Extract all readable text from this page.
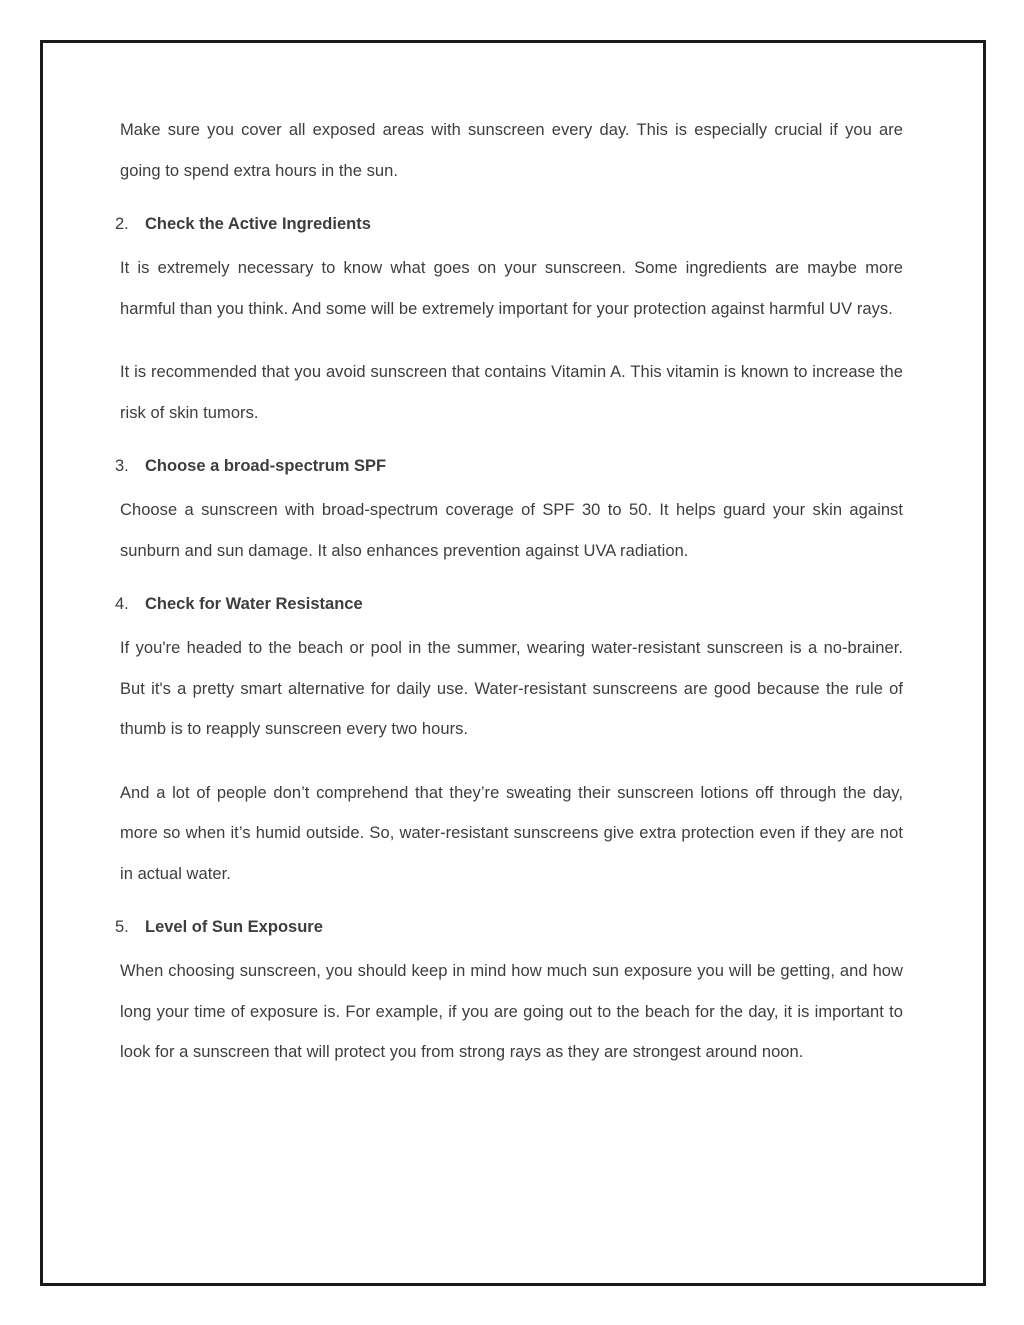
Make sure you cover all exposed areas with sunscreen every day. This is especially crucial if you are going to spend extra hours in the sun.

2. Check the Active Ingredients

It is extremely necessary to know what goes on your sunscreen. Some ingredients are maybe more harmful than you think. And some will be extremely important for your protection against harmful UV rays.

It is recommended that you avoid sunscreen that contains Vitamin A. This vitamin is known to increase the risk of skin tumors.

3. Choose a broad-spectrum SPF

Choose a sunscreen with broad-spectrum coverage of SPF 30 to 50. It helps guard your skin against sunburn and sun damage. It also enhances prevention against UVA radiation.

4. Check for Water Resistance

If you're headed to the beach or pool in the summer, wearing water-resistant sunscreen is a no-brainer. But it's a pretty smart alternative for daily use. Water-resistant sunscreens are good because the rule of thumb is to reapply sunscreen every two hours.

And a lot of people don’t comprehend that they’re sweating their sunscreen lotions off through the day, more so when it’s humid outside. So, water-resistant sunscreens give extra protection even if they are not in actual water.

5. Level of Sun Exposure

When choosing sunscreen, you should keep in mind how much sun exposure you will be getting, and how long your time of exposure is. For example, if you are going out to the beach for the day, it is important to look for a sunscreen that will protect you from strong rays as they are strongest around noon.
